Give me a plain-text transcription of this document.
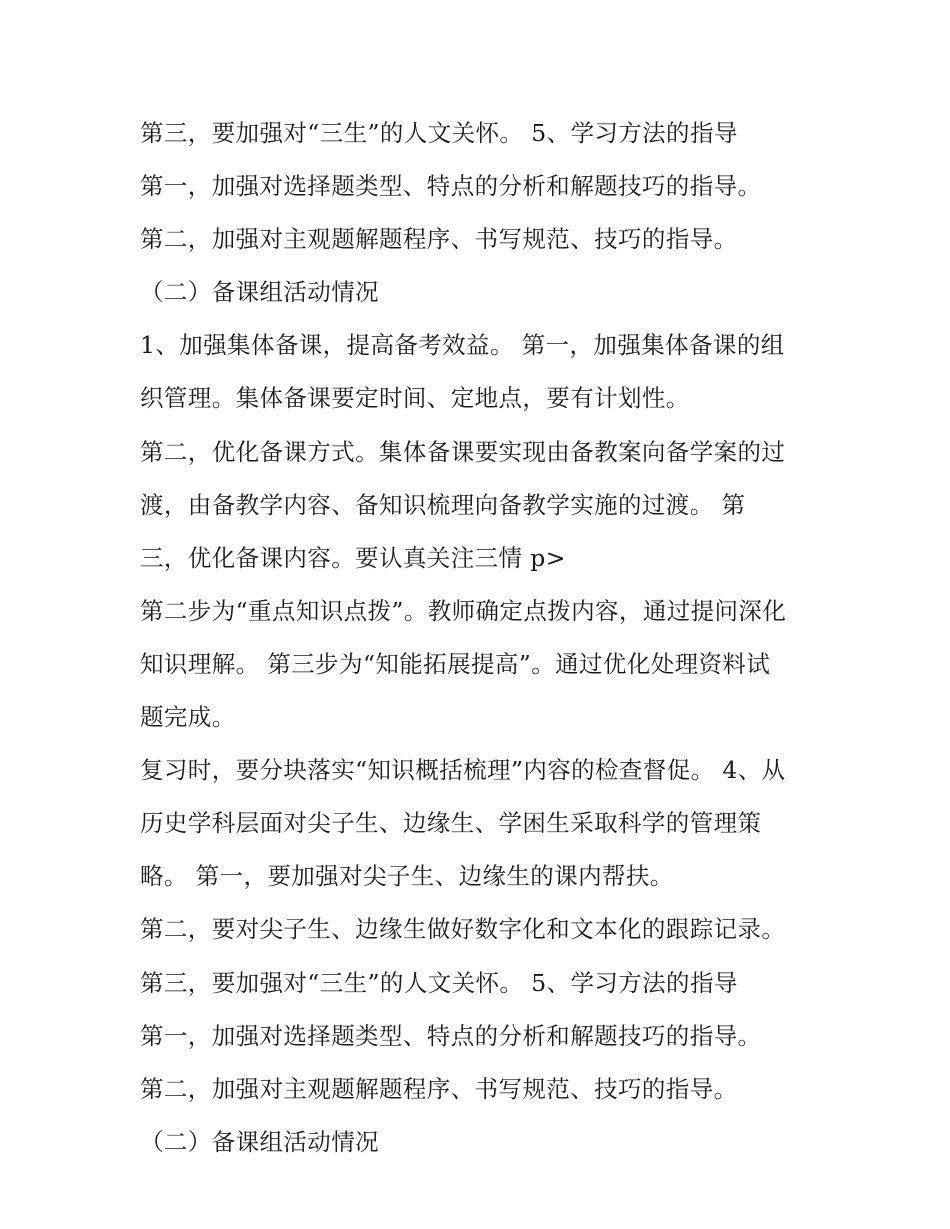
第三，要加强对“三生”的人文关怀。 5、学习方法的指导
第一，加强对选择题类型、特点的分析和解题技巧的指导。
第二，加强对主观题解题程序、书写规范、技巧的指导。
（二）备课组活动情况
1、加强集体备课，提高备考效益。 第一，加强集体备课的组
织管理。集体备课要定时间、定地点，要有计划性。
第二，优化备课方式。集体备课要实现由备教案向备学案的过
渡，由备教学内容、备知识梳理向备教学实施的过渡。 第
三，优化备课内容。要认真关注三情 p>
第二步为“重点知识点拨”。教师确定点拨内容，通过提问深化
知识理解。 第三步为“知能拓展提高”。通过优化处理资料试
题完成。
复习时，要分块落实“知识概括梳理”内容的检查督促。 4、从
历史学科层面对尖子生、边缘生、学困生采取科学的管理策
略。 第一，要加强对尖子生、边缘生的课内帮扶。
第二，要对尖子生、边缘生做好数字化和文本化的跟踪记录。
第三，要加强对“三生”的人文关怀。 5、学习方法的指导
第一，加强对选择题类型、特点的分析和解题技巧的指导。
第二，加强对主观题解题程序、书写规范、技巧的指导。
（二）备课组活动情况
